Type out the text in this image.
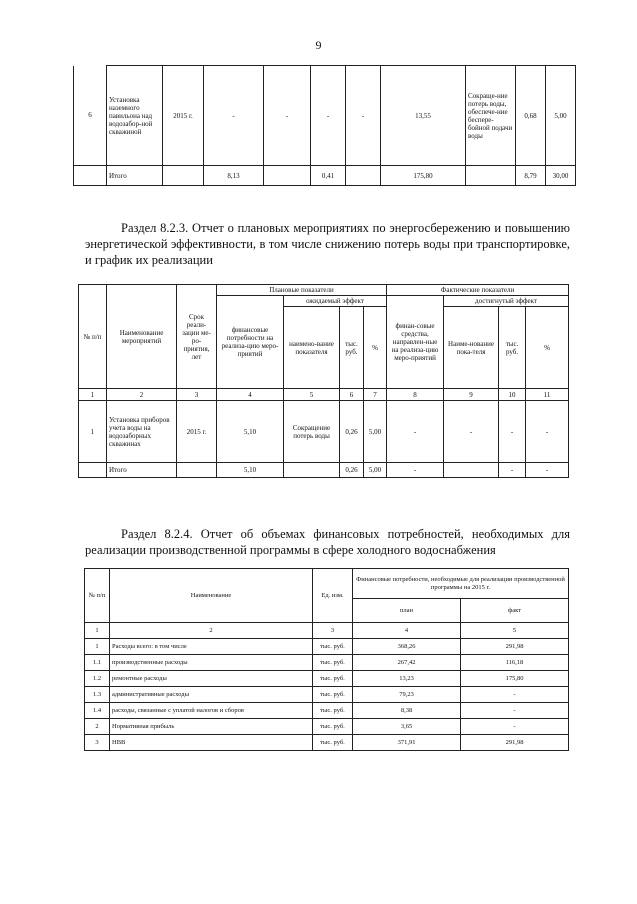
9
6	Установка наземного павильона над водозабор-ной скважиной	2015 г.	-	-	-	-	13,55	Сокраще-ние потерь воды, обеспече-ние беспере-бойной подачи воды	0,68	5,00
	Итого		8,13		0,41		175,80		8,79	30,00
Раздел 8.2.3. Отчет о плановых мероприятиях по энергосбережению и повышению энергетической эффективности, в том числе снижению потерь воды при транспортировке, и график их реализации
№ п/п	Наименование мероприятий	Срок реали-зации ме-ро-приятия, лет	Плановые показатели				Фактические показатели			
			финансовые потребности на реализа-цию меро-приятий	ожидаемый эффект			финан-совые средства, направлен-ные на реализа-цию меро-приятий	достигнутый эффект		
				наимено-вание показателя	тыс. руб.	%		Наиме-нование пока-теля	тыс. руб.	%
1	2	3	4	5	6	7	8	9	10	11
1	Установка приборов учета воды на водозаборных скважинах	2015 г.	5,10	Сокращение потерь воды	0,26	5,00	-	-	-	-
	Итого		5,10		0,26	5,00	-		-	-
Раздел 8.2.4. Отчет об объемах финансовых потребностей, необходимых для реализации производственной программы в сфере холодного водоснабжения
№ п/п	Наименование	Ед. изм.	Финансовые потребности, необходимые для реализации производственной программы на 2015 г.	
			план	факт
1	2	3	4	5
1	Расходы всего: в том числе	тыс. руб.	368,26	291,98
1.1	производственные расходы	тыс. руб.	267,42	116,18
1.2	ремонтные расходы	тыс. руб.	13,23	175,80
1.3	административные расходы	тыс. руб.	79,23	-
1.4	расходы, связанные с уплатой налогов и сборов	тыс. руб.	8,38	-
2	Нормативная прибыль	тыс. руб.	3,65	-
3	НВВ	тыс. руб.	371,91	291,98
